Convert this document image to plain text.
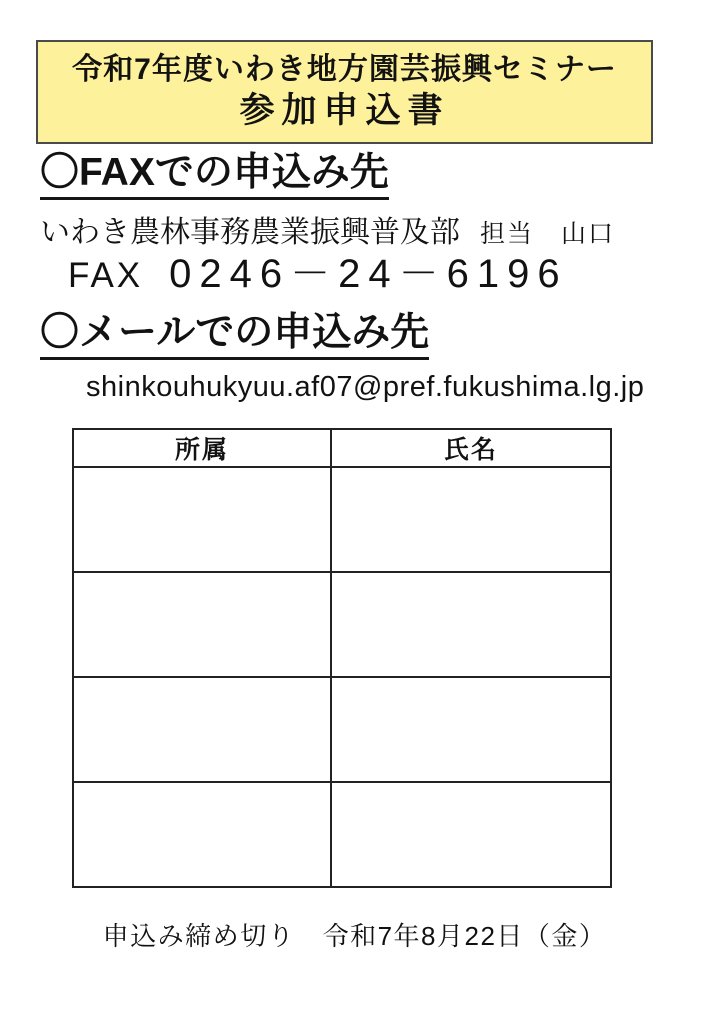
令和7年度いわき地方園芸振興セミナー
参加申込書
〇FAXでの申込み先
いわき農林事務農業振興普及部 担当　山口
FAX 0246－24－6196
〇メールでの申込み先
shinkouhukyuu.af07@pref.fukushima.lg.jp
所属	氏名

申込み締め切り　令和7年8月22日（金）
